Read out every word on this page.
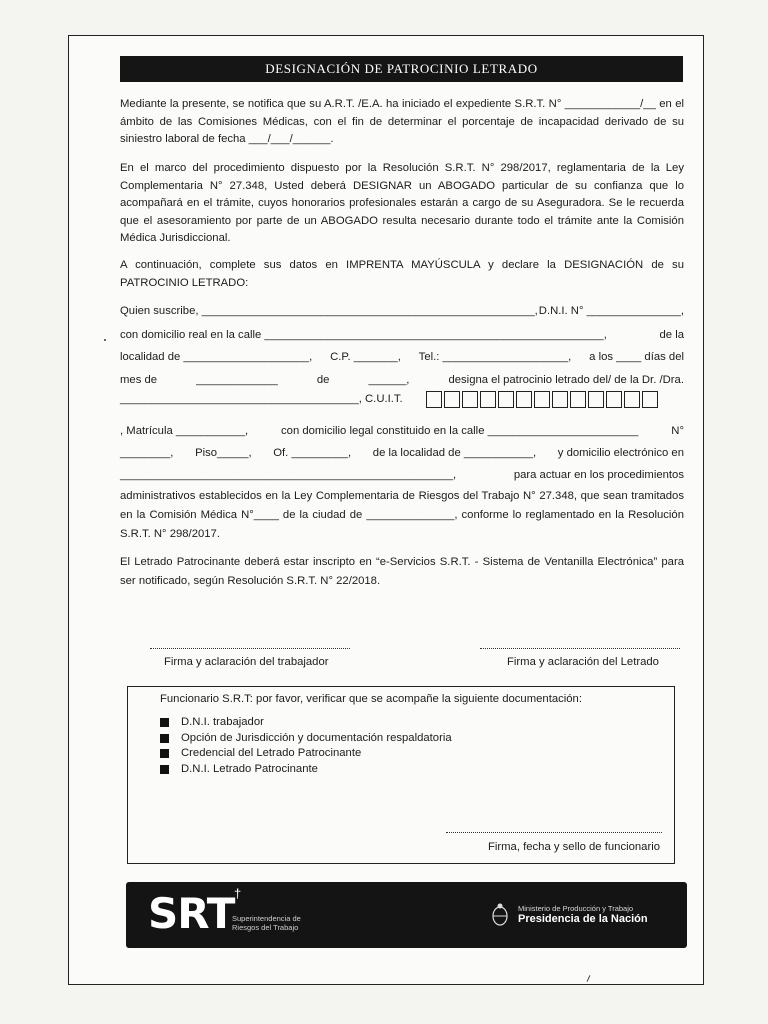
DESIGNACIÓN DE PATROCINIO LETRADO
Mediante la presente, se notifica que su A.R.T. /E.A. ha iniciado el expediente S.R.T. N° ____________/__ en el ámbito de las Comisiones Médicas, con el fin de determinar el porcentaje de incapacidad derivado de su siniestro laboral de fecha ___/___/______.
En el marco del procedimiento dispuesto por la Resolución S.R.T. N° 298/2017, reglamentaria de la Ley Complementaria N° 27.348, Usted deberá DESIGNAR un ABOGADO particular de su confianza que lo acompañará en el trámite, cuyos honorarios profesionales estarán a cargo de su Aseguradora. Se le recuerda que el asesoramiento por parte de un ABOGADO resulta necesario durante todo el trámite ante la Comisión Médica Jurisdiccional.
A continuación, complete sus datos en IMPRENTA MAYÚSCULA y declare la DESIGNACIÓN de su PATROCINIO LETRADO:
Quien suscribe, _____________________________________________________, D.N.I. N° _______________,
con domicilio real en la calle ______________________________________________________,	de la
localidad de ____________________, C.P. _______, Tel.: ____________________, a los ____ días del
mes de	_____________	de	______,	designa el patrocinio letrado del/ de la Dr. /Dra.
______________________________________, C.U.I.T.
, Matrícula ___________,	con domicilio legal constituido en la calle ________________________	N°
________, Piso_____, Of. _________, de la localidad de ___________, y domicilio electrónico en
_____________________________________________________,	para actuar en los procedimientos
administrativos establecidos en la Ley Complementaria de Riesgos del Trabajo N° 27.348, que sean tramitados en la Comisión Médica N°____ de la ciudad de ______________, conforme lo reglamentado en la Resolución S.R.T. N° 298/2017.
El Letrado Patrocinante deberá estar inscripto en “e-Servicios S.R.T. - Sistema de Ventanilla Electrónica” para ser notificado, según Resolución S.R.T. N° 22/2018.
Firma y aclaración del trabajador	Firma y aclaración del Letrado
Funcionario S.R.T: por favor, verificar que se acompañe la siguiente documentación:
D.N.I. trabajador
Opción de Jurisdicción y documentación respaldatoria
Credencial del Letrado Patrocinante
D.N.I. Letrado Patrocinante
Firma, fecha y sello de funcionario
SRT †
Superintendencia de
Riesgos del Trabajo
Ministerio de Producción y Trabajo
Presidencia de la Nación
